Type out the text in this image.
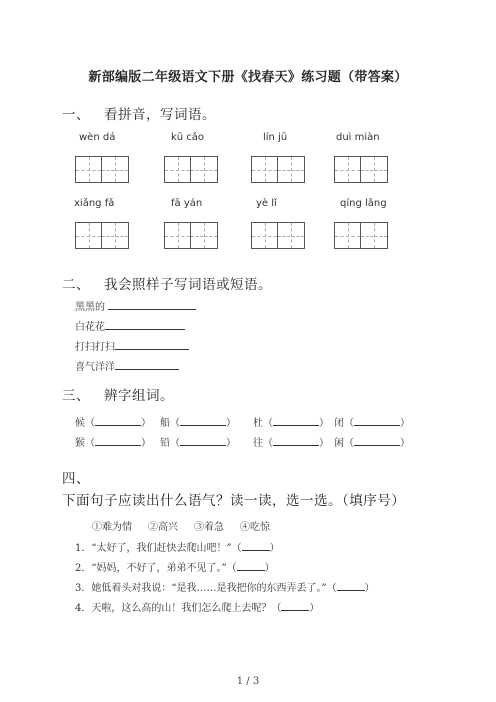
新部编版二年级语文下册《找春天》练习题（带答案）
一、 看拼音，写词语。
wèn dá	kū cǎo	lín jū	duì miàn
xiǎng fǎ	fā yán	yè lǐ	qíng lǎng
二、 我会照样子写词语或短语。
黑黑的
白花花
打扫打扫
喜气洋洋
三、 辨字组词。
候（	） 船（	） 杜（	） 闭（	）
猴（	） 铅（	） 往（	） 闲（	）
四、下面句子应读出什么语气？读一读，选一选。（填序号）
①难为情 ②高兴 ③着急 ④吃惊
1．“太好了，我们赶快去爬山吧！”（	）
2．“妈妈，不好了，弟弟不见了。”（	）
3．她低着头对我说：“是我……是我把你的东西弄丢了。”（	）
4．天啦，这么高的山！我们怎么爬上去呢？（	）
1 / 3
